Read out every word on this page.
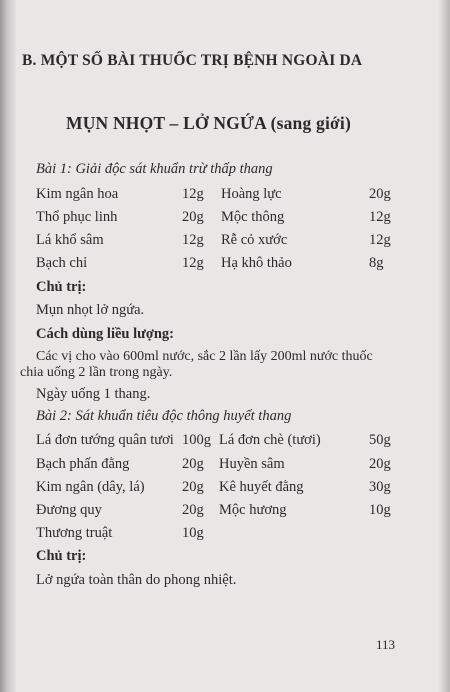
B. MỘT SỐ BÀI THUỐC TRỊ BỆNH NGOÀI DA
MỤN NHỌT – LỞ NGỨA (sang giới)
Bài 1: Giải độc sát khuẩn trừ thấp thang
Kim ngân hoa	12g Hoàng lực	20g
Thổ phục linh	20g Mộc thông	12g
Lá khổ sâm	12g Rễ cỏ xước	12g
Bạch chỉ	12g Hạ khô thảo	8g
Chủ trị:
Mụn nhọt lở ngứa.
Cách dùng liều lượng:
Các vị cho vào 600ml nước, sắc 2 lần lấy 200ml nước thuốc
chia uống 2 lần trong ngày.
Ngày uống 1 thang.
Bài 2: Sát khuẩn tiêu độc thông huyết thang
Lá đơn tướng quân tươi 100g Lá đơn chè (tươi)	50g
Bạch phấn đằng	20g Huyền sâm	20g
Kim ngân (dây, lá)	20g Kê huyết đằng	30g
Đương quy	20g Mộc hương	10g
Thương truật	10g
Chủ trị:
Lở ngứa toàn thân do phong nhiệt.
113
